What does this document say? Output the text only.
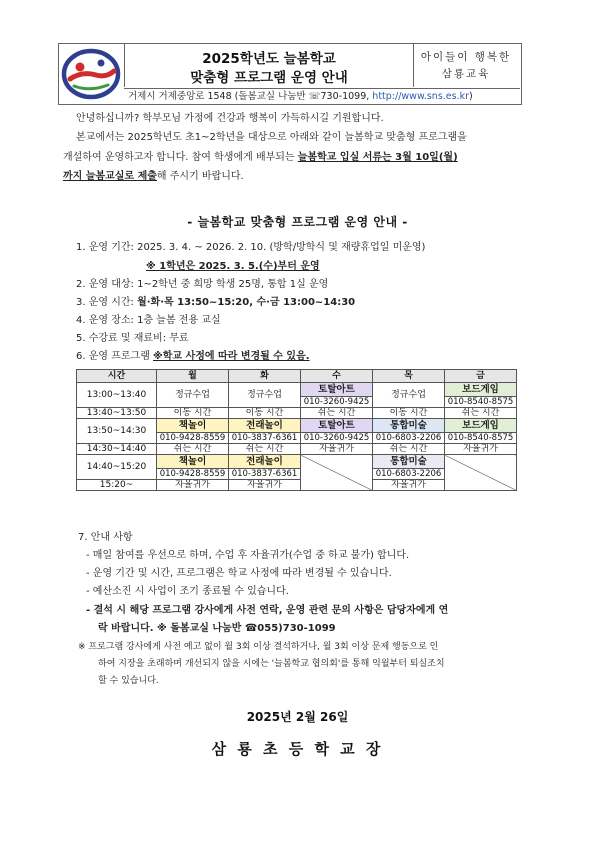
2025학년도 늘봄학교
맞춤형 프로그램 운영 안내
아이들이 행복한
삼룡교육
거제시 거제중앙로 1548 (돌봄교실 나눔반 ☏730-1099, http://www.sns.es.kr)
안녕하십니까? 학부모님 가정에 건강과 행복이 가득하시길 기원합니다.
본교에서는 2025학년도 초1~2학년을 대상으로 아래와 같이 늘봄학교 맞춤형 프로그램을
개설하여 운영하고자 합니다. 참여 학생에게 배부되는 늘봄학교 입실 서류는 3월 10일(월)
까지 늘봄교실로 제출해 주시기 바랍니다.
- 늘봄학교 맞춤형 프로그램 운영 안내 -
1. 운영 기간: 2025. 3. 4. ~ 2026. 2. 10. (방학/방학식 및 재량휴업일 미운영)
※ 1학년은 2025. 3. 5.(수)부터 운영
2. 운영 대상: 1~2학년 중 희망 학생 25명, 통합 1실 운영
3. 운영 시간: 월·화·목 13:50~15:20, 수·금 13:00~14:30
4. 운영 장소: 1층 늘봄 전용 교실
5. 수강료 및 재료비: 무료
6. 운영 프로그램 ※학교 사정에 따라 변경될 수 있음.
시간	월	화	수	목	금
13:00~13:40	정규수업	정규수업	토탈아트	정규수업	보드게임
			010-3260-9425		010-8540-8575
13:40~13:50	이동 시간	이동 시간	쉬는 시간	이동 시간	쉬는 시간
13:50~14:30	책놀이	전래놀이	토탈아트	통합미술	보드게임
	010-9428-8559	010-3837-6361	010-3260-9425	010-6803-2206	010-8540-8575
14:30~14:40	쉬는 시간	쉬는 시간	자율귀가	쉬는 시간	자율귀가
14:40~15:20	책놀이	전래놀이		통합미술	
	010-9428-8559	010-3837-6361		010-6803-2206	
15:20~	자율귀가	자율귀가		자율귀가	
7. 안내 사항
- 매일 참여를 우선으로 하며, 수업 후 자율귀가(수업 중 하교 불가) 합니다.
- 운영 기간 및 시간, 프로그램은 학교 사정에 따라 변경될 수 있습니다.
- 예산소진 시 사업이 조기 종료될 수 있습니다.
- 결석 시 해당 프로그램 강사에게 사전 연락, 운영 관련 문의 사항은 담당자에게 연
락 바랍니다. ※ 돌봄교실 나눔반 ☎055)730-1099
※ 프로그램 강사에게 사전 예고 없이 월 3회 이상 결석하거나, 월 3회 이상 문제 행동으로 인
하여 지장을 초래하며 개선되지 않을 시에는 '늘봄학교 협의회'를 통해 익월부터 퇴실조치
할 수 있습니다.
2025년 2월 26일
삼 룡 초 등 학 교 장
